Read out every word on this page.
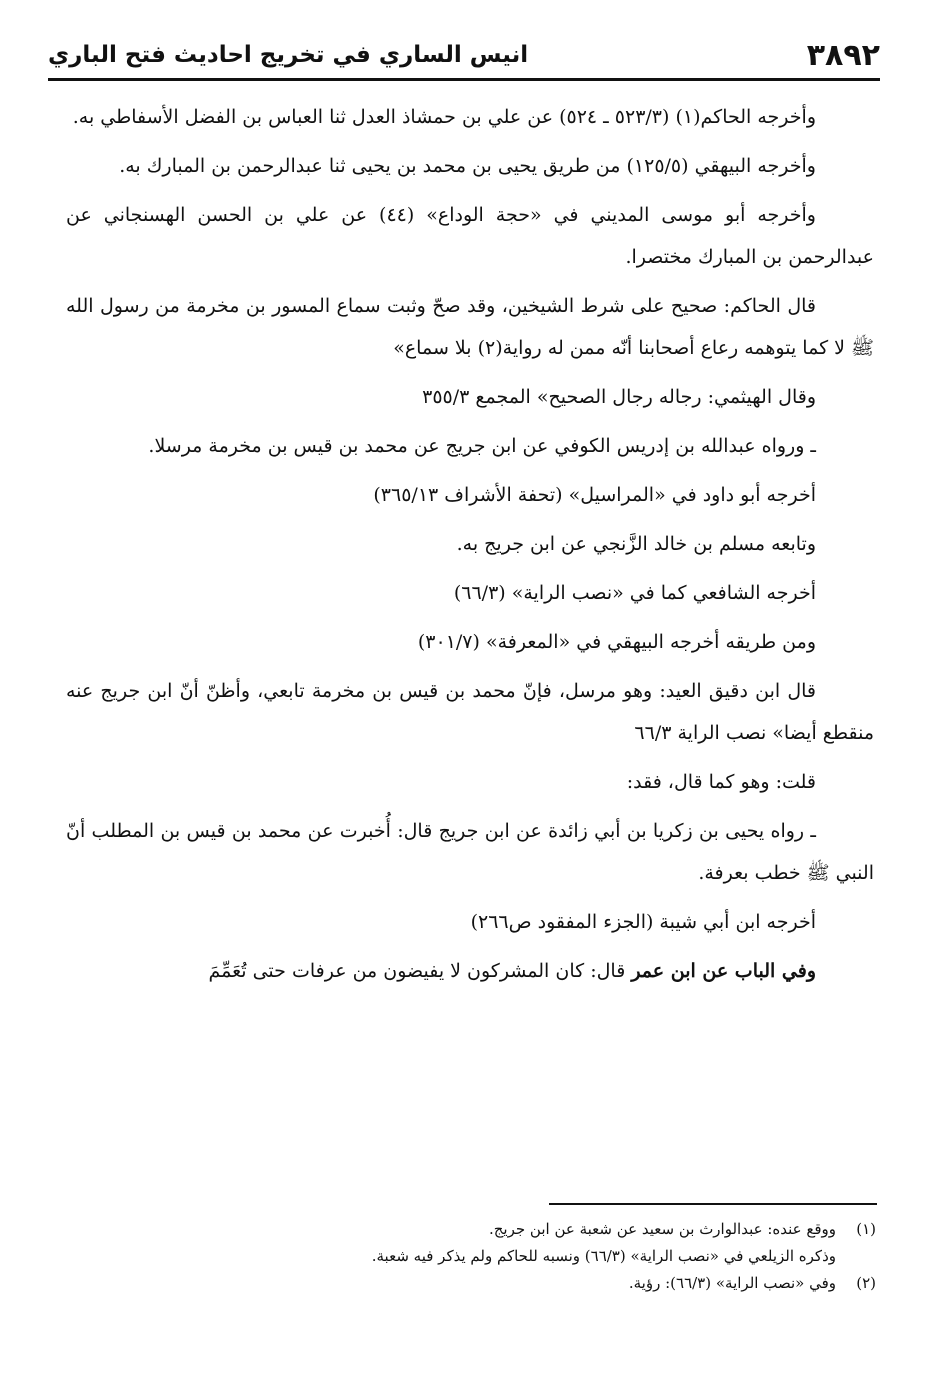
٣٨٩٢
انيس الساري في تخريج احاديث فتح الباري

وأخرجه الحاكم(١) (٥٢٣/٣ ـ ٥٢٤) عن علي بن حمشاذ العدل ثنا العباس بن الفضل الأسفاطي به.

وأخرجه البيهقي (١٢٥/٥) من طريق يحيى بن محمد بن يحيى ثنا عبدالرحمن بن المبارك به.

وأخرجه أبو موسى المديني في «حجة الوداع» (٤٤) عن علي بن الحسن الهسنجاني عن عبدالرحمن بن المبارك مختصرا.

قال الحاكم: صحيح على شرط الشيخين، وقد صحّ وثبت سماع المسور بن مخرمة من رسول الله ﷺ لا كما يتوهمه رعاع أصحابنا أنّه ممن له رواية(٢) بلا سماع»

وقال الهيثمي: رجاله رجال الصحيح» المجمع ٣٥٥/٣

ـ ورواه عبدالله بن إدريس الكوفي عن ابن جريج عن محمد بن قيس بن مخرمة مرسلا.

أخرجه أبو داود في «المراسيل» (تحفة الأشراف ٣٦٥/١٣)

وتابعه مسلم بن خالد الزَّنجي عن ابن جريج به.

أخرجه الشافعي كما في «نصب الراية» (٦٦/٣)

ومن طريقه أخرجه البيهقي في «المعرفة» (٣٠١/٧)

قال ابن دقيق العيد: وهو مرسل، فإنّ محمد بن قيس بن مخرمة تابعي، وأظنّ أنّ ابن جريج عنه منقطع أيضا» نصب الراية ٦٦/٣

قلت: وهو كما قال، فقد:

ـ رواه يحيى بن زكريا بن أبي زائدة عن ابن جريج قال: أُخبرت عن محمد بن قيس بن المطلب أنّ النبي ﷺ خطب بعرفة.

أخرجه ابن أبي شيبة (الجزء المفقود ص٢٦٦)

وفي الباب عن ابن عمر قال: كان المشركون لا يفيضون من عرفات حتى تُعَمِّمَ

(١)
ووقع عنده: عبدالوارث بن سعيد عن شعبة عن ابن جريج.

وذكره الزيلعي في «نصب الراية» (٦٦/٣) ونسبه للحاكم ولم يذكر فيه شعبة.

(٢)
وفي «نصب الراية» (٦٦/٣): رؤية.
